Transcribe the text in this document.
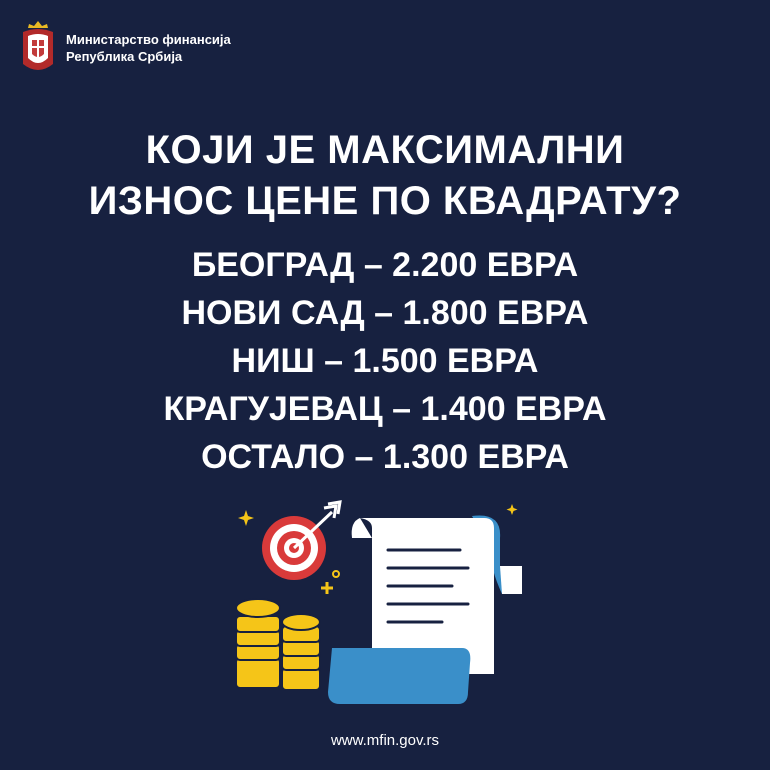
Министарство финансија
Република Србија
КОЈИ ЈЕ МАКСИМАЛНИ
ИЗНОС ЦЕНЕ ПО КВАДРАТУ?
БЕОГРАД – 2.200 ЕВРА
НОВИ САД – 1.800 ЕВРА
НИШ – 1.500 ЕВРА
КРАГУЈЕВАЦ – 1.400 ЕВРА
ОСТАЛО – 1.300 ЕВРА
www.mfin.gov.rs
